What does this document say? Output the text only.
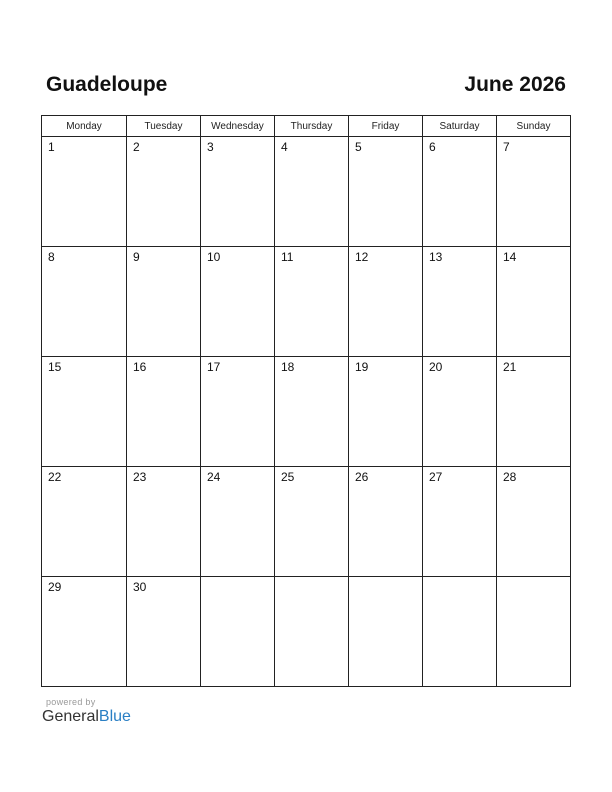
Guadeloupe	June 2026
Monday	Tuesday	Wednesday	Thursday	Friday	Saturday	Sunday

1	2	3	4	5	6	7

8	9	10	11	12	13	14

15	16	17	18	19	20	21

22	23	24	25	26	27	28

29	30					

powered by
GeneralBlue
